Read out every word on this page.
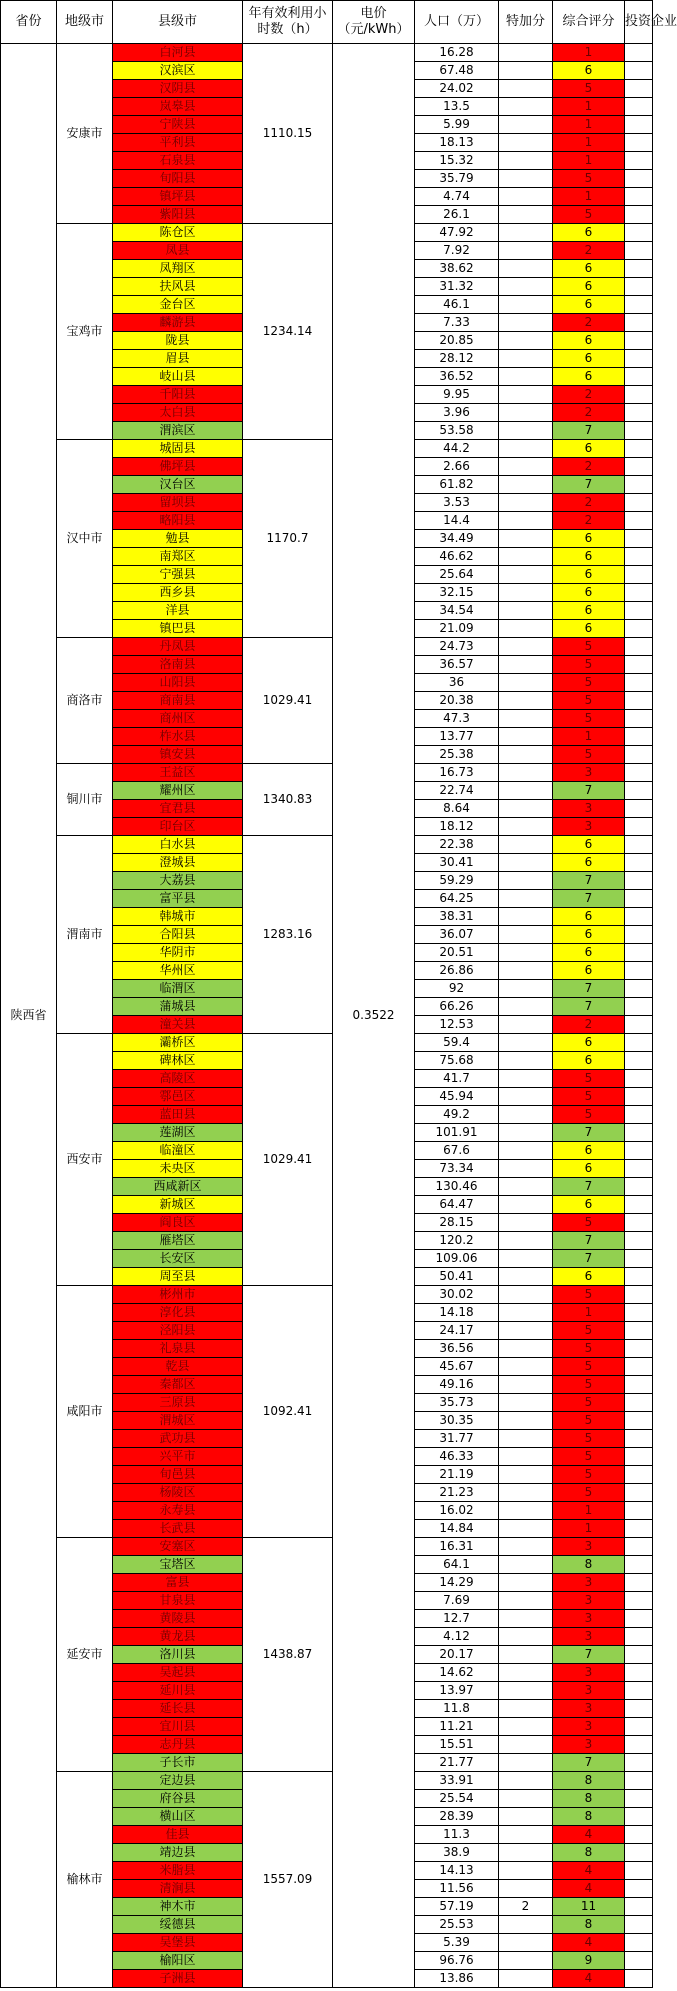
省份	地级市	县级市	年有效利用小时数（h）	电价（元/kWh）	人口（万）	特加分	综合评分	投资企业
陕西省	安康市	白河县	1110.15	0.3522	16.28		1	
		汉滨区			67.48		6	
		汉阴县			24.02		5	
		岚皋县			13.5		1	
		宁陕县			5.99		1	
		平利县			18.13		1	
		石泉县			15.32		1	
		旬阳县			35.79		5	
		镇坪县			4.74		1	
		紫阳县			26.1		5	
	宝鸡市	陈仓区	1234.14		47.92		6	
		凤县			7.92		2	
		凤翔区			38.62		6	
		扶风县			31.32		6	
		金台区			46.1		6	
		麟游县			7.33		2	
		陇县			20.85		6	
		眉县			28.12		6	
		岐山县			36.52		6	
		千阳县			9.95		2	
		太白县			3.96		2	
		渭滨区			53.58		7	
	汉中市	城固县	1170.7		44.2		6	
		佛坪县			2.66		2	
		汉台区			61.82		7	
		留坝县			3.53		2	
		略阳县			14.4		2	
		勉县			34.49		6	
		南郑区			46.62		6	
		宁强县			25.64		6	
		西乡县			32.15		6	
		洋县			34.54		6	
		镇巴县			21.09		6	
	商洛市	丹凤县	1029.41		24.73		5	
		洛南县			36.57		5	
		山阳县			36		5	
		商南县			20.38		5	
		商州区			47.3		5	
		柞水县			13.77		1	
		镇安县			25.38		5	
	铜川市	王益区	1340.83		16.73		3	
		耀州区			22.74		7	
		宜君县			8.64		3	
		印台区			18.12		3	
	渭南市	白水县	1283.16		22.38		6	
		澄城县			30.41		6	
		大荔县			59.29		7	
		富平县			64.25		7	
		韩城市			38.31		6	
		合阳县			36.07		6	
		华阴市			20.51		6	
		华州区			26.86		6	
		临渭区			92		7	
		蒲城县			66.26		7	
		潼关县			12.53		2	
	西安市	灞桥区	1029.41		59.4		6	
		碑林区			75.68		6	
		高陵区			41.7		5	
		鄠邑区			45.94		5	
		蓝田县			49.2		5	
		莲湖区			101.91		7	
		临潼区			67.6		6	
		未央区			73.34		6	
		西咸新区			130.46		7	
		新城区			64.47		6	
		阎良区			28.15		5	
		雁塔区			120.2		7	
		长安区			109.06		7	
		周至县			50.41		6	
	咸阳市	彬州市	1092.41		30.02		5	
		淳化县			14.18		1	
		泾阳县			24.17		5	
		礼泉县			36.56		5	
		乾县			45.67		5	
		秦都区			49.16		5	
		三原县			35.73		5	
		渭城区			30.35		5	
		武功县			31.77		5	
		兴平市			46.33		5	
		旬邑县			21.19		5	
		杨陵区			21.23		5	
		永寿县			16.02		1	
		长武县			14.84		1	
	延安市	安塞区	1438.87		16.31		3	
		宝塔区			64.1		8	
		富县			14.29		3	
		甘泉县			7.69		3	
		黄陵县			12.7		3	
		黄龙县			4.12		3	
		洛川县			20.17		7	
		吴起县			14.62		3	
		延川县			13.97		3	
		延长县			11.8		3	
		宜川县			11.21		3	
		志丹县			15.51		3	
		子长市			21.77		7	
	榆林市	定边县	1557.09		33.91		8	
		府谷县			25.54		8	
		横山区			28.39		8	
		佳县			11.3		4	
		靖边县			38.9		8	
		米脂县			14.13		4	
		清涧县			11.56		4	
		神木市			57.19	2	11	
		绥德县			25.53		8	
		吴堡县			5.39		4	
		榆阳区			96.76		9	
		子洲县			13.86		4	
